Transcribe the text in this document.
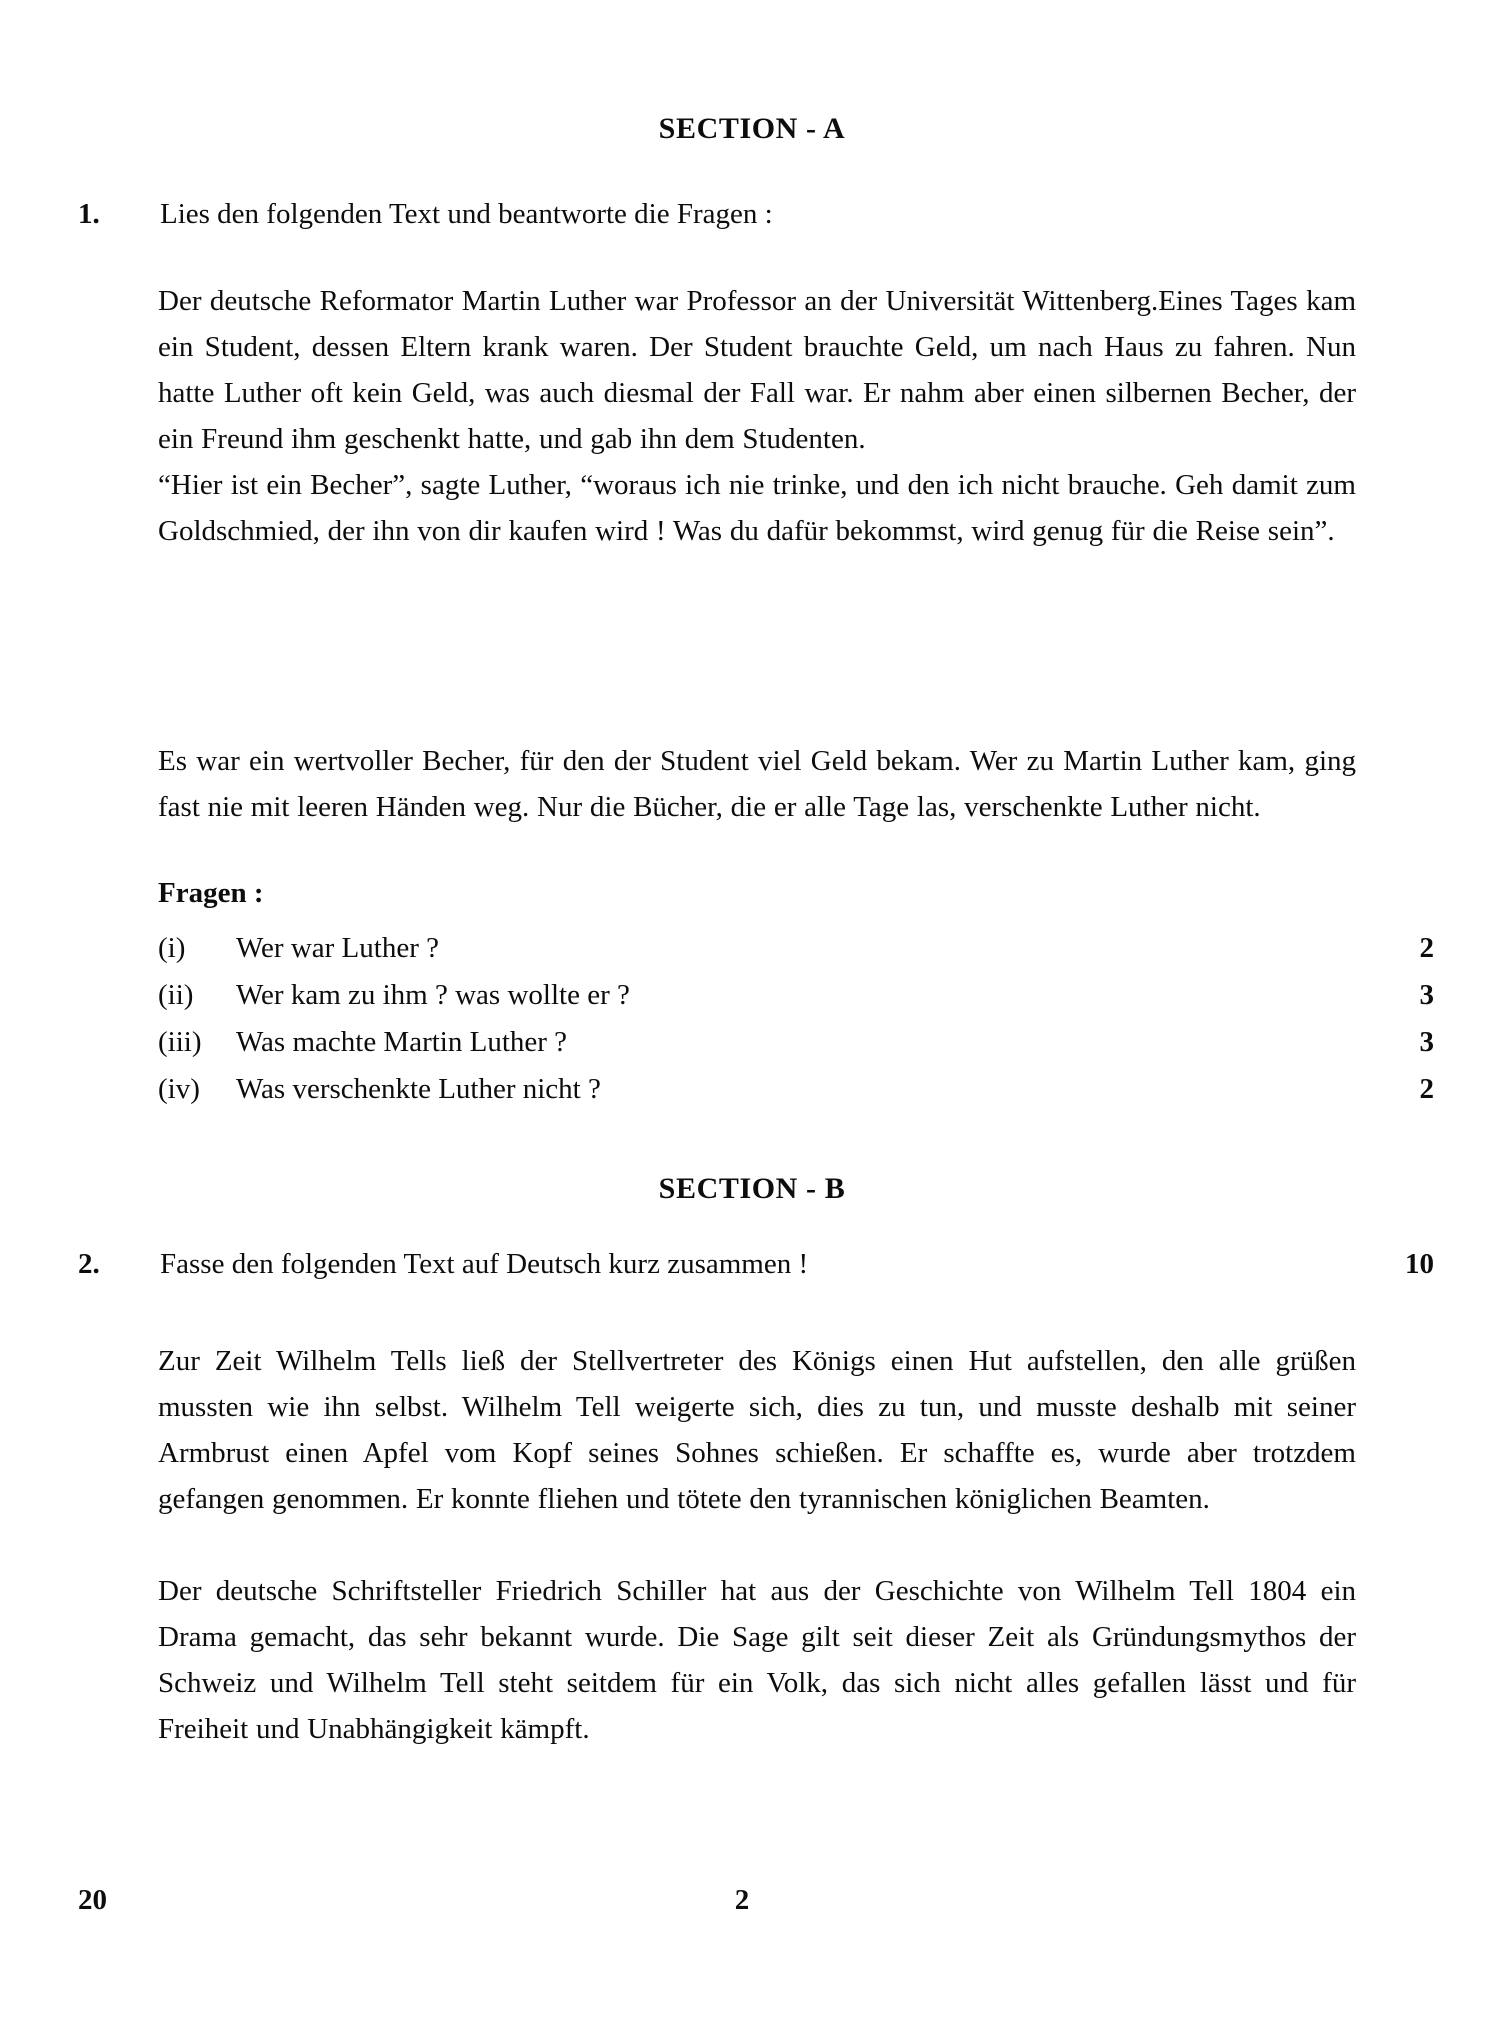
SECTION - A
1.	Lies den folgenden Text und beantworte die Fragen :
Der deutsche Reformator Martin Luther war Professor an der Universität Wittenberg.Eines Tages kam ein Student, dessen Eltern krank waren. Der Student brauchte Geld, um nach Haus zu fahren. Nun hatte Luther oft kein Geld, was auch diesmal der Fall war. Er nahm aber einen silbernen Becher, der ein Freund ihm geschenkt hatte, und gab ihn dem Studenten.
“Hier ist ein Becher”, sagte Luther, “woraus ich nie trinke, und den ich nicht brauche. Geh damit zum Goldschmied, der ihn von dir kaufen wird ! Was du dafür bekommst, wird genug für die Reise sein”.
Es war ein wertvoller Becher, für den der Student viel Geld bekam. Wer zu Martin Luther kam, ging fast nie mit leeren Händen weg. Nur die Bücher, die er alle Tage las, verschenkte Luther nicht.
Fragen :
(i)	Wer war Luther ?	2
(ii)	Wer kam zu ihm ? was wollte er ?	3
(iii)	Was machte Martin Luther ?	3
(iv)	Was verschenkte Luther nicht ?	2
SECTION - B
2.	Fasse den folgenden Text auf Deutsch kurz zusammen !	10
Zur Zeit Wilhelm Tells ließ der Stellvertreter des Königs einen Hut aufstellen, den alle grüßen mussten wie ihn selbst. Wilhelm Tell weigerte sich, dies zu tun, und musste deshalb mit seiner Armbrust einen Apfel vom Kopf seines Sohnes schießen. Er schaffte es, wurde aber trotzdem gefangen genommen. Er konnte fliehen und tötete den tyrannischen königlichen Beamten.
Der deutsche Schriftsteller Friedrich Schiller hat aus der Geschichte von Wilhelm Tell 1804 ein Drama gemacht, das sehr bekannt wurde. Die Sage gilt seit dieser Zeit als Gründungsmythos der Schweiz und Wilhelm Tell steht seitdem für ein Volk, das sich nicht alles gefallen lässt und für Freiheit und Unabhängigkeit kämpft.
20	2
